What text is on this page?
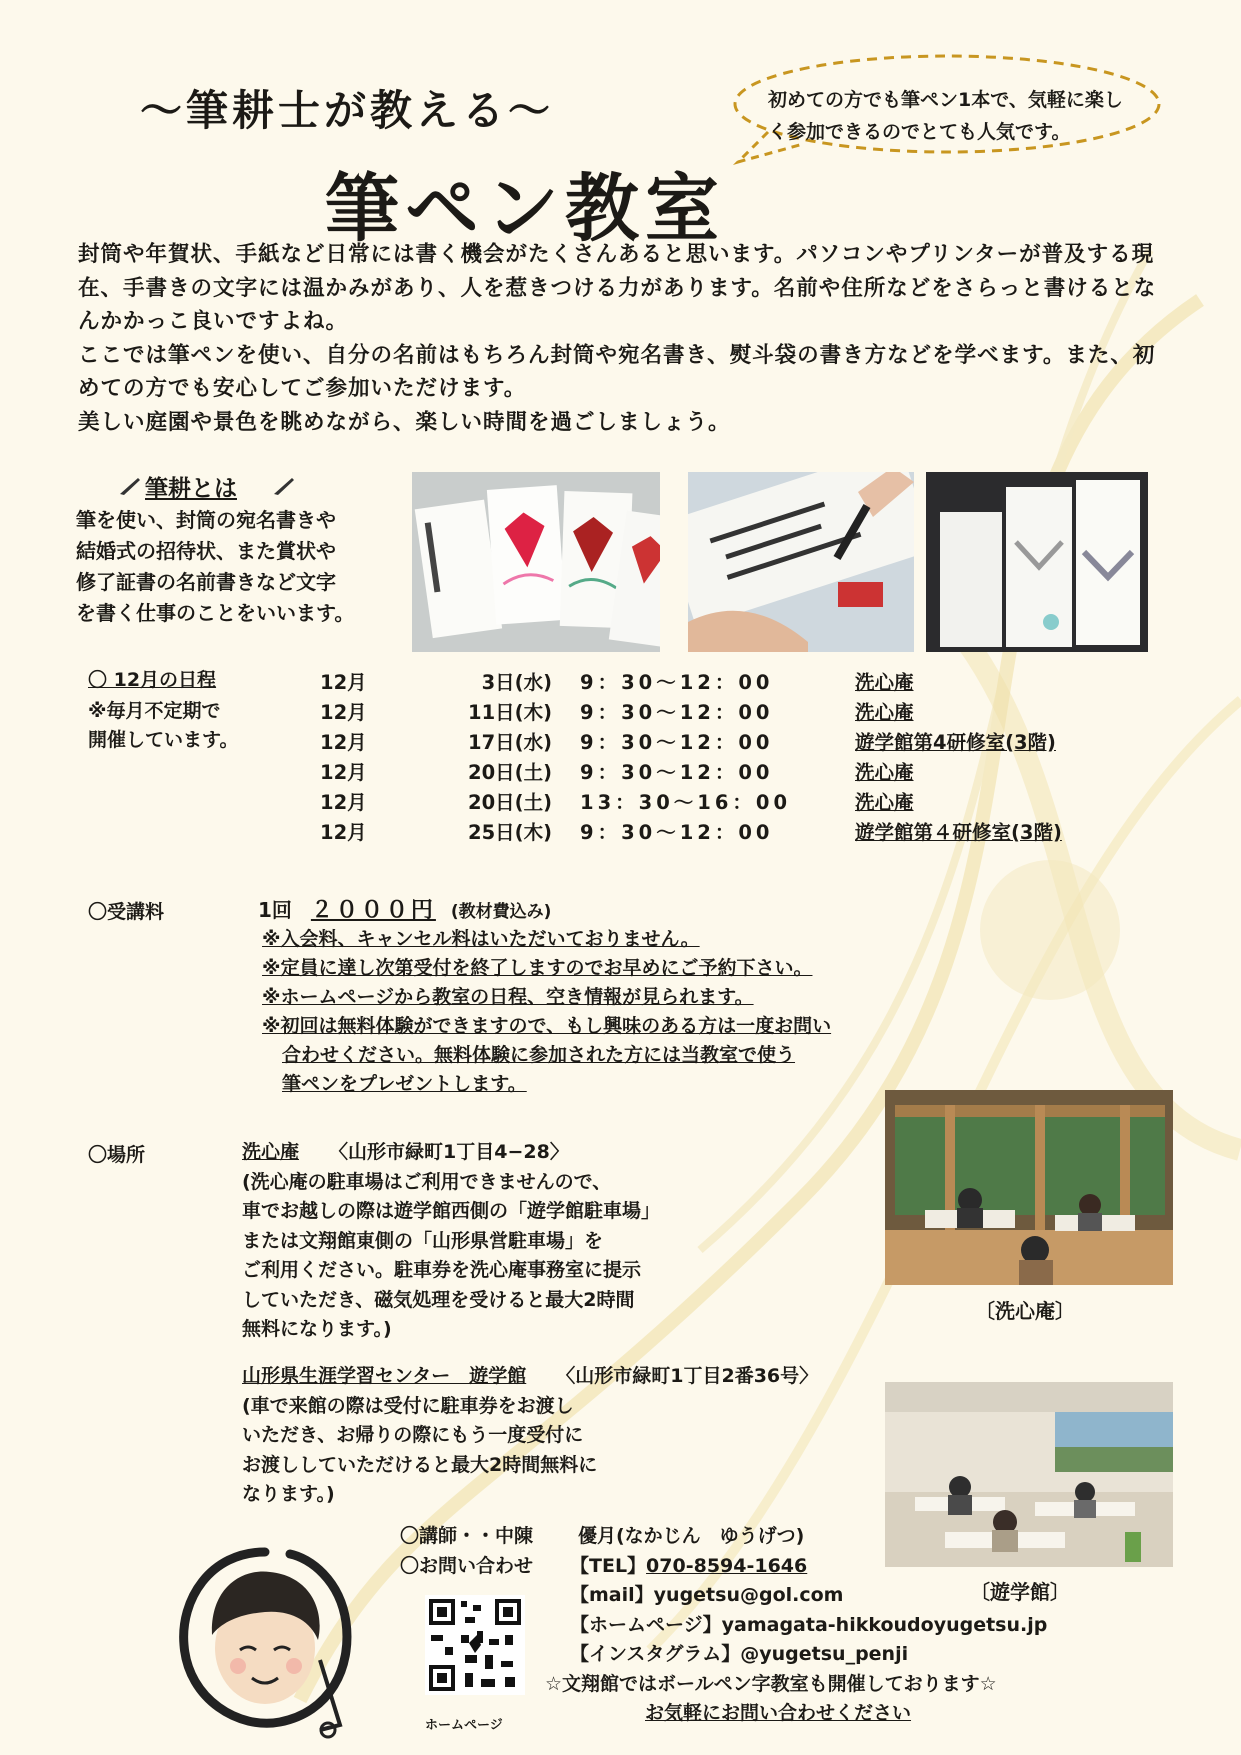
〜筆耕士が教える〜
筆ペン教室
初めての方でも筆ペン1本で、気軽に楽しく参加できるのでとても人気です。
封筒や年賀状、手紙など日常には書く機会がたくさんあると思います。パソコンやプリンターが普及する現在、手書きの文字には温かみがあり、人を惹きつける力があります。名前や住所などをさらっと書けるとなんかかっこ良いですよね。
ここでは筆ペンを使い、自分の名前はもちろん封筒や宛名書き、熨斗袋の書き方などを学べます。また、初めての方でも安心してご参加いただけます。
美しい庭園や景色を眺めながら、楽しい時間を過ごしましょう。
筆耕とは
筆を使い、封筒の宛名書きや
結婚式の招待状、また賞状や
修了証書の名前書きなど文字
を書く仕事のことをいいます。
〇 12月の日程
※毎月不定期で
開催しています。
12月	3日(水) 9：30〜12：00	洗心庵
12月	11日(木) 9：30〜12：00	洗心庵
12月	17日(水) 9：30〜12：00	遊学館第4研修室(3階)
12月	20日(土) 9：30〜12：00	洗心庵
12月	20日(土) 13：30〜16：00	洗心庵
12月	25日(木) 9：30〜12：00	遊学館第４研修室(3階)
〇受講料	1回 ２０００円 (教材費込み)
※入会料、キャンセル料はいただいておりません。
※定員に達し次第受付を終了しますのでお早めにご予約下さい。
※ホームページから教室の日程、空き情報が見られます。
※初回は無料体験ができますので、もし興味のある方は一度お問い
合わせください。無料体験に参加された方には当教室で使う
筆ペンをプレゼントします。
〇場所	洗心庵 〈山形市緑町1丁目4−28〉
(洗心庵の駐車場はご利用できませんので、
車でお越しの際は遊学館西側の「遊学館駐車場」
または文翔館東側の「山形県営駐車場」を
ご利用ください。駐車券を洗心庵事務室に提示
していただき、磁気処理を受けると最大2時間
無料になります。)
山形県生涯学習センター　遊学館 〈山形市緑町1丁目2番36号〉
(車で来館の際は受付に駐車券をお渡し
いただき、お帰りの際にもう一度受付に
お渡ししていただけると最大2時間無料に
なります。)
〔洗心庵〕
〔遊学館〕
〇講師・・中陳 優月(なかじん　ゆうげつ)
〇お問い合わせ 【TEL】070-8594-1646
【mail】yugetsu@gol.com
【ホームページ】yamagata-hikkoudoyugetsu.jp
【インスタグラム】@yugetsu_penji
☆文翔館ではボールペン字教室も開催しております☆
お気軽にお問い合わせください
ホームページ
